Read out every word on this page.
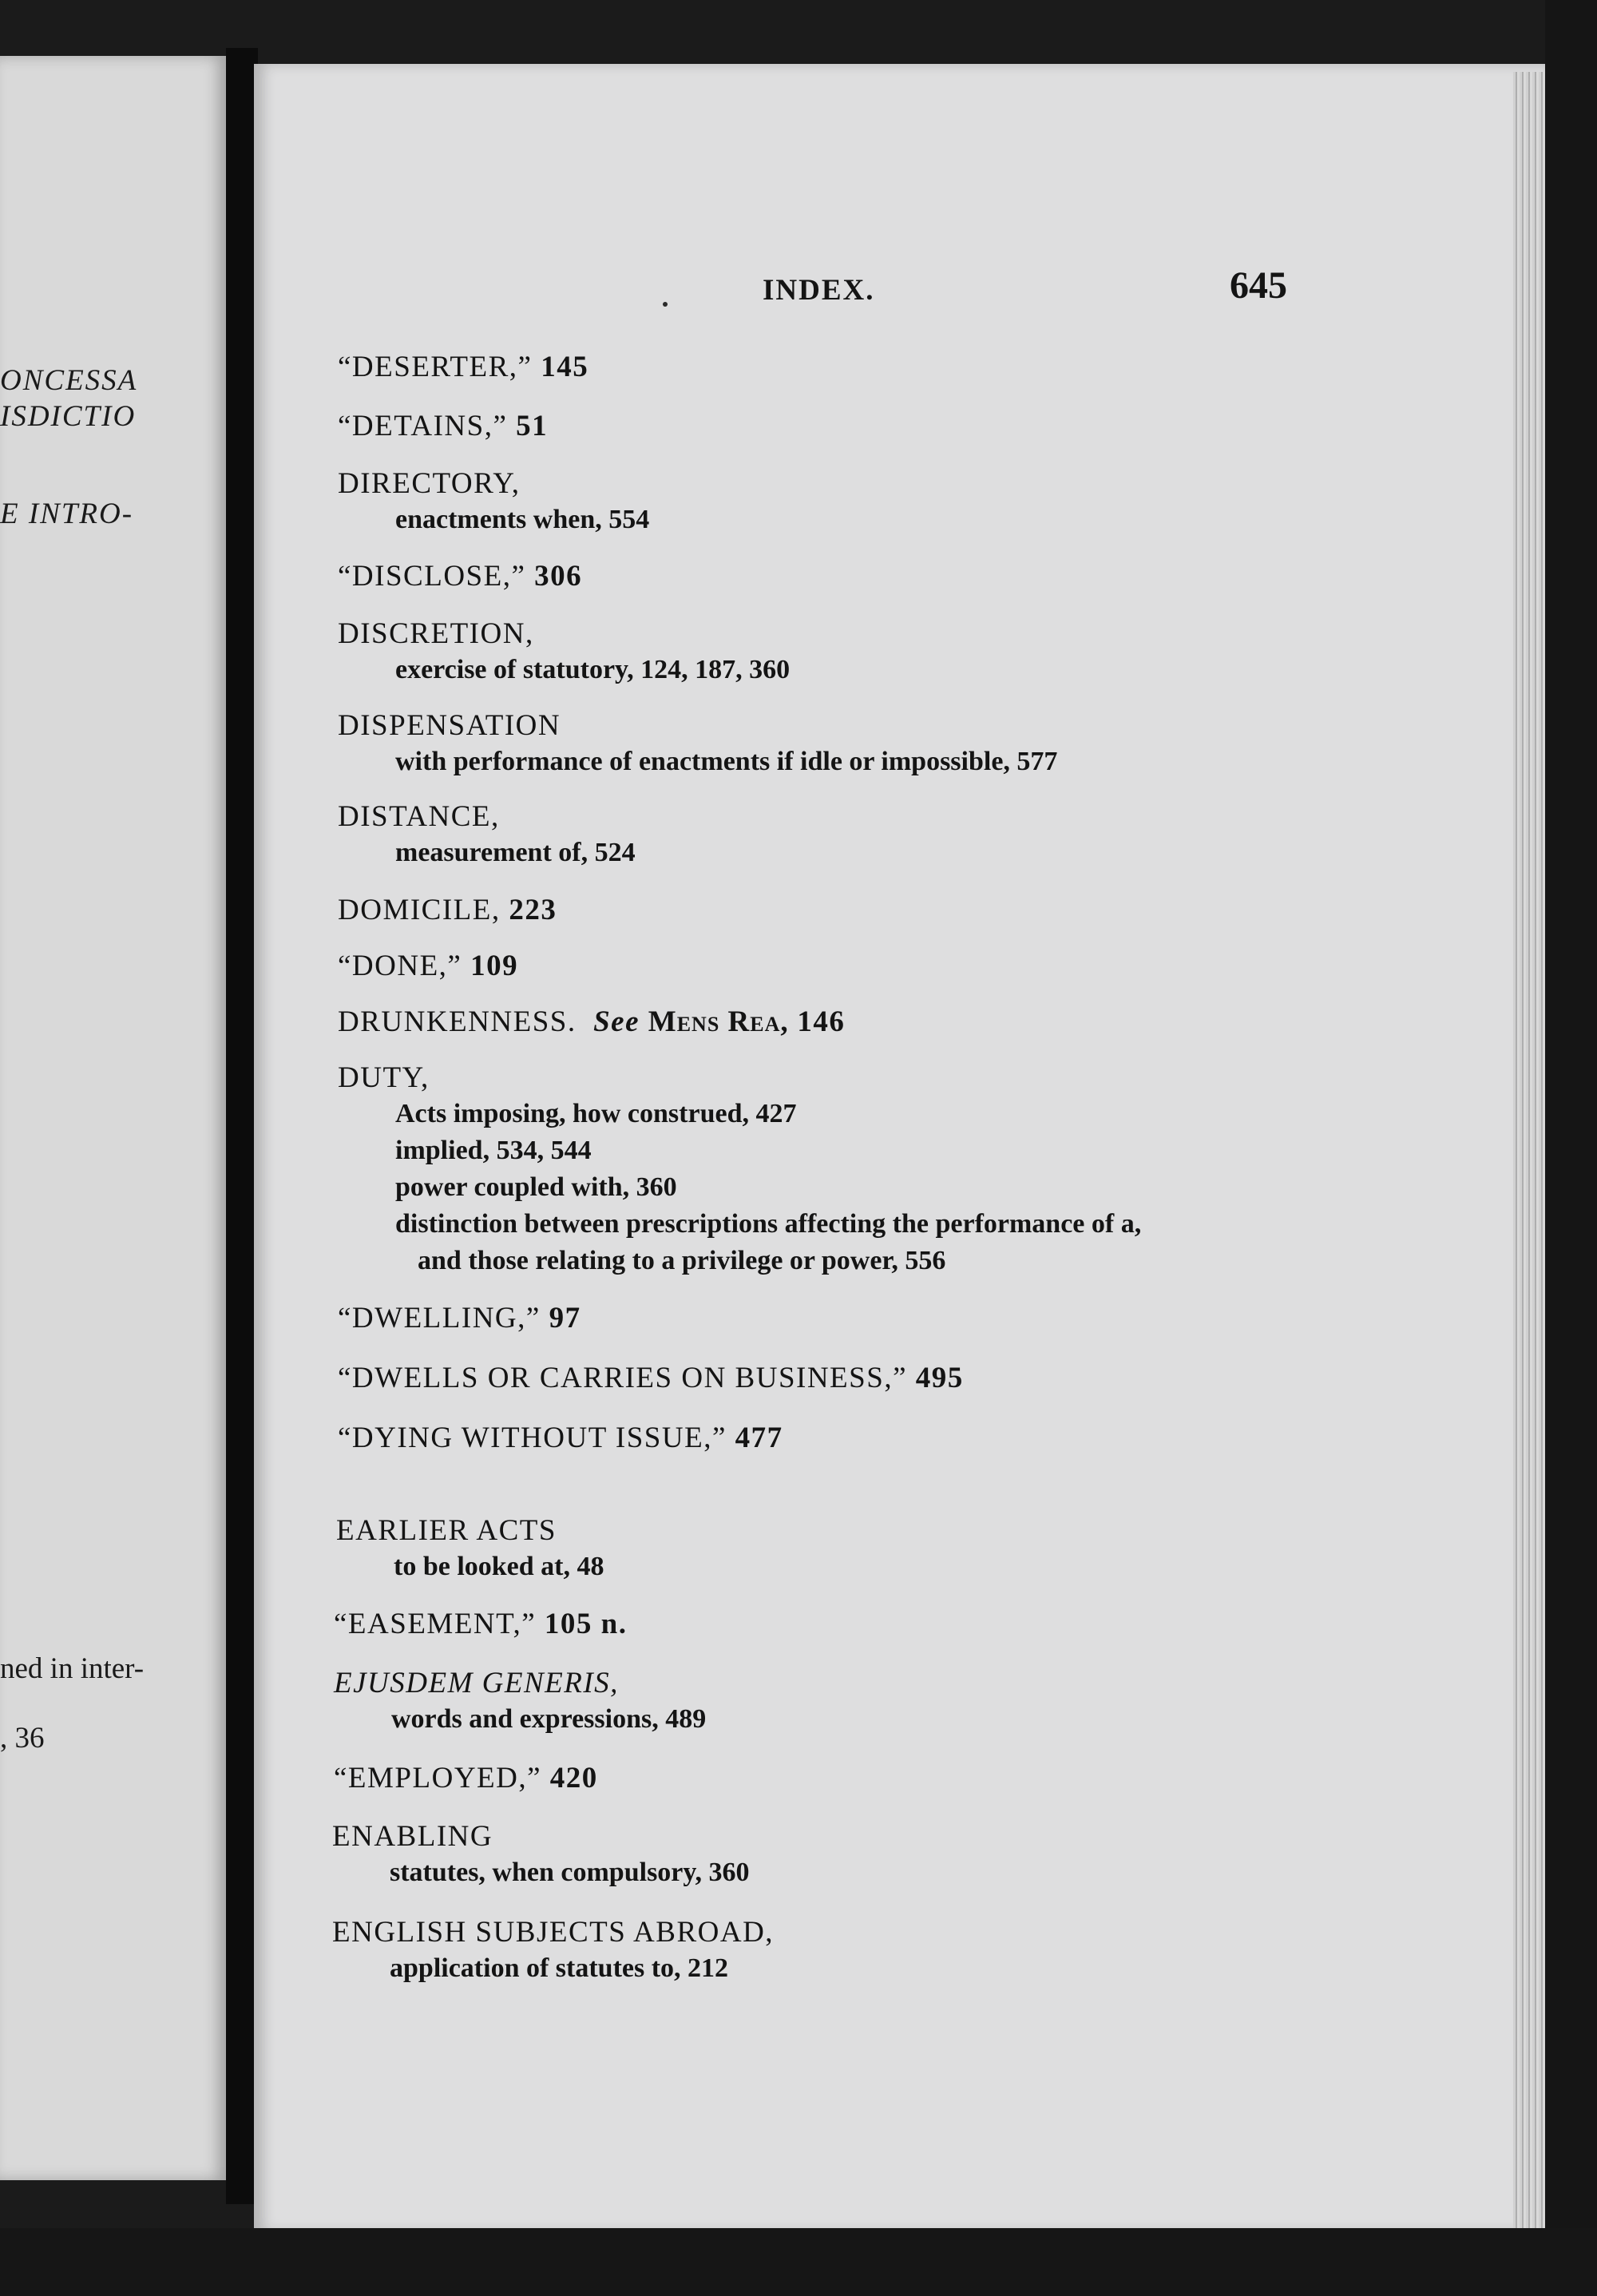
ONCESSA
ISDICTIO
E INTRO-
ned in inter-
, 36
INDEX.	645
“DESERTER,” 145
“DETAINS,” 51
DIRECTORY,
enactments when, 554
“DISCLOSE,” 306
DISCRETION,
exercise of statutory, 124, 187, 360
DISPENSATION
with performance of enactments if idle or impossible, 577
DISTANCE,
measurement of, 524
DOMICILE, 223
“DONE,” 109
DRUNKENNESS. See Mens Rea, 146
DUTY,
Acts imposing, how construed, 427
implied, 534, 544
power coupled with, 360
distinction between prescriptions affecting the performance of a,
and those relating to a privilege or power, 556
“DWELLING,” 97
“DWELLS OR CARRIES ON BUSINESS,” 495
“DYING WITHOUT ISSUE,” 477
EARLIER ACTS
to be looked at, 48
“EASEMENT,” 105 n.
EJUSDEM GENERIS,
words and expressions, 489
“EMPLOYED,” 420
ENABLING
statutes, when compulsory, 360
ENGLISH SUBJECTS ABROAD,
application of statutes to, 212
